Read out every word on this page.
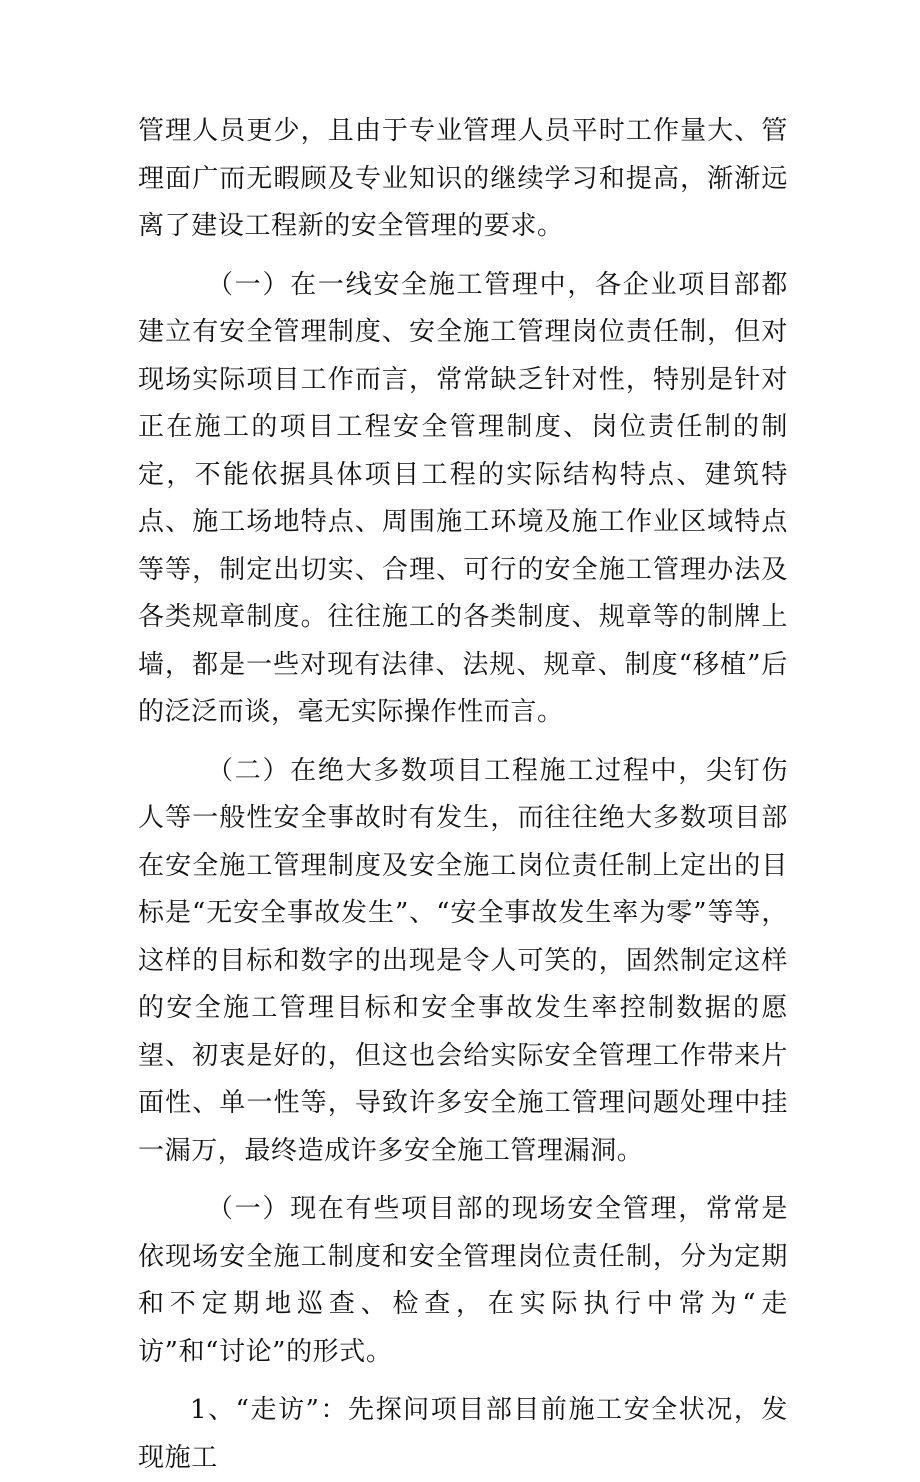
管理人员更少，且由于专业管理人员平时工作量大、管理面广而无暇顾及专业知识的继续学习和提高，渐渐远离了建设工程新的安全管理的要求。

（一）在一线安全施工管理中，各企业项目部都建立有安全管理制度、安全施工管理岗位责任制，但对现场实际项目工作而言，常常缺乏针对性，特别是针对正在施工的项目工程安全管理制度、岗位责任制的制定，不能依据具体项目工程的实际结构特点、建筑特点、施工场地特点、周围施工环境及施工作业区域特点等等，制定出切实、合理、可行的安全施工管理办法及各类规章制度。往往施工的各类制度、规章等的制牌上墙，都是一些对现有法律、法规、规章、制度“移植”后的泛泛而谈，毫无实际操作性而言。

（二）在绝大多数项目工程施工过程中，尖钉伤人等一般性安全事故时有发生，而往往绝大多数项目部在安全施工管理制度及安全施工岗位责任制上定出的目标是“无安全事故发生”、“安全事故发生率为零”等等，这样的目标和数字的出现是令人可笑的，固然制定这样的安全施工管理目标和安全事故发生率控制数据的愿望、初衷是好的，但这也会给实际安全管理工作带来片面性、单一性等，导致许多安全施工管理问题处理中挂一漏万，最终造成许多安全施工管理漏洞。

（一）现在有些项目部的现场安全管理，常常是依现场安全施工制度和安全管理岗位责任制，分为定期和不定期地巡查、检查，在实际执行中常为“走访”和“讨论”的形式。

1、“走访”：先探问项目部目前施工安全状况，发现施工
